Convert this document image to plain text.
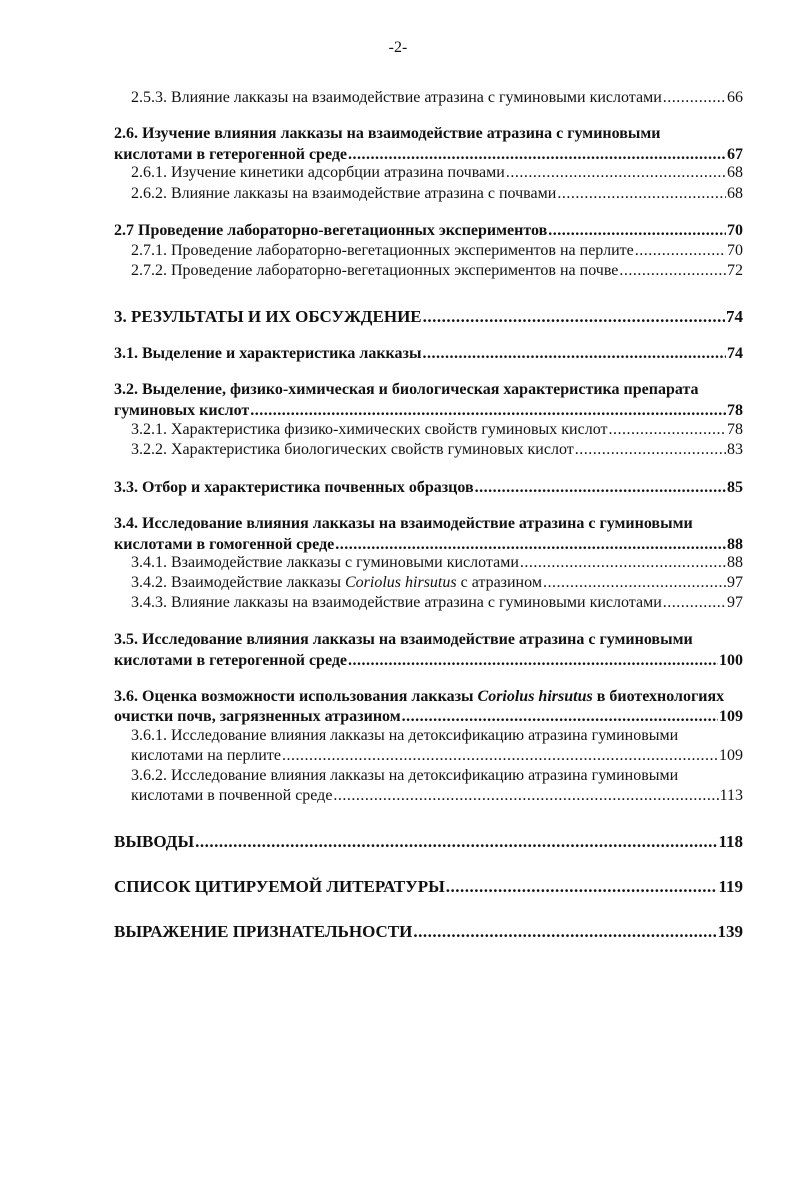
-2-
2.5.3. Влияние лакказы на взаимодействие атразина с гуминовыми кислотами .....	66
2.6. Изучение влияния лакказы на взаимодействие атразина с гуминовыми
кислотами в гетерогенной среде .....	67
2.6.1. Изучение кинетики адсорбции атразина почвами .....	68
2.6.2. Влияние лакказы на взаимодействие атразина с почвами .....	68
2.7 Проведение лабораторно-вегетационных экспериментов .....	70
2.7.1. Проведение лабораторно-вегетационных экспериментов на перлите .....	70
2.7.2. Проведение лабораторно-вегетационных экспериментов на почве .....	72
3. РЕЗУЛЬТАТЫ И ИХ ОБСУЖДЕНИЕ .....	74
3.1. Выделение и характеристика лакказы .....	74
3.2. Выделение, физико-химическая и биологическая характеристика препарата
гуминовых кислот .....	78
3.2.1. Характеристика физико-химических свойств гуминовых кислот .....	78
3.2.2. Характеристика биологических свойств гуминовых кислот .....	83
3.3. Отбор и характеристика почвенных образцов .....	85
3.4. Исследование влияния лакказы на взаимодействие атразина с гуминовыми
кислотами в гомогенной среде .....	88
3.4.1. Взаимодействие лакказы с гуминовыми кислотами .....	88
3.4.2. Взаимодействие лакказы Coriolus hirsutus с атразином .....	97
3.4.3. Влияние лакказы на взаимодействие атразина с гуминовыми кислотами .....	97
3.5. Исследование влияния лакказы на взаимодействие атразина с гуминовыми
кислотами в гетерогенной среде .....	100
3.6. Оценка возможности использования лакказы Coriolus hirsutus в биотехнологиях
очистки почв, загрязненных атразином .....	109
3.6.1. Исследование влияния лакказы на детоксификацию атразина гуминовыми
кислотами на перлите .....	109
3.6.2. Исследование влияния лакказы на детоксификацию атразина гуминовыми
кислотами в почвенной среде .....	113
ВЫВОДЫ .....	118
СПИСОК ЦИТИРУЕМОЙ ЛИТЕРАТУРЫ .....	119
ВЫРАЖЕНИЕ ПРИЗНАТЕЛЬНОСТИ .....	139
